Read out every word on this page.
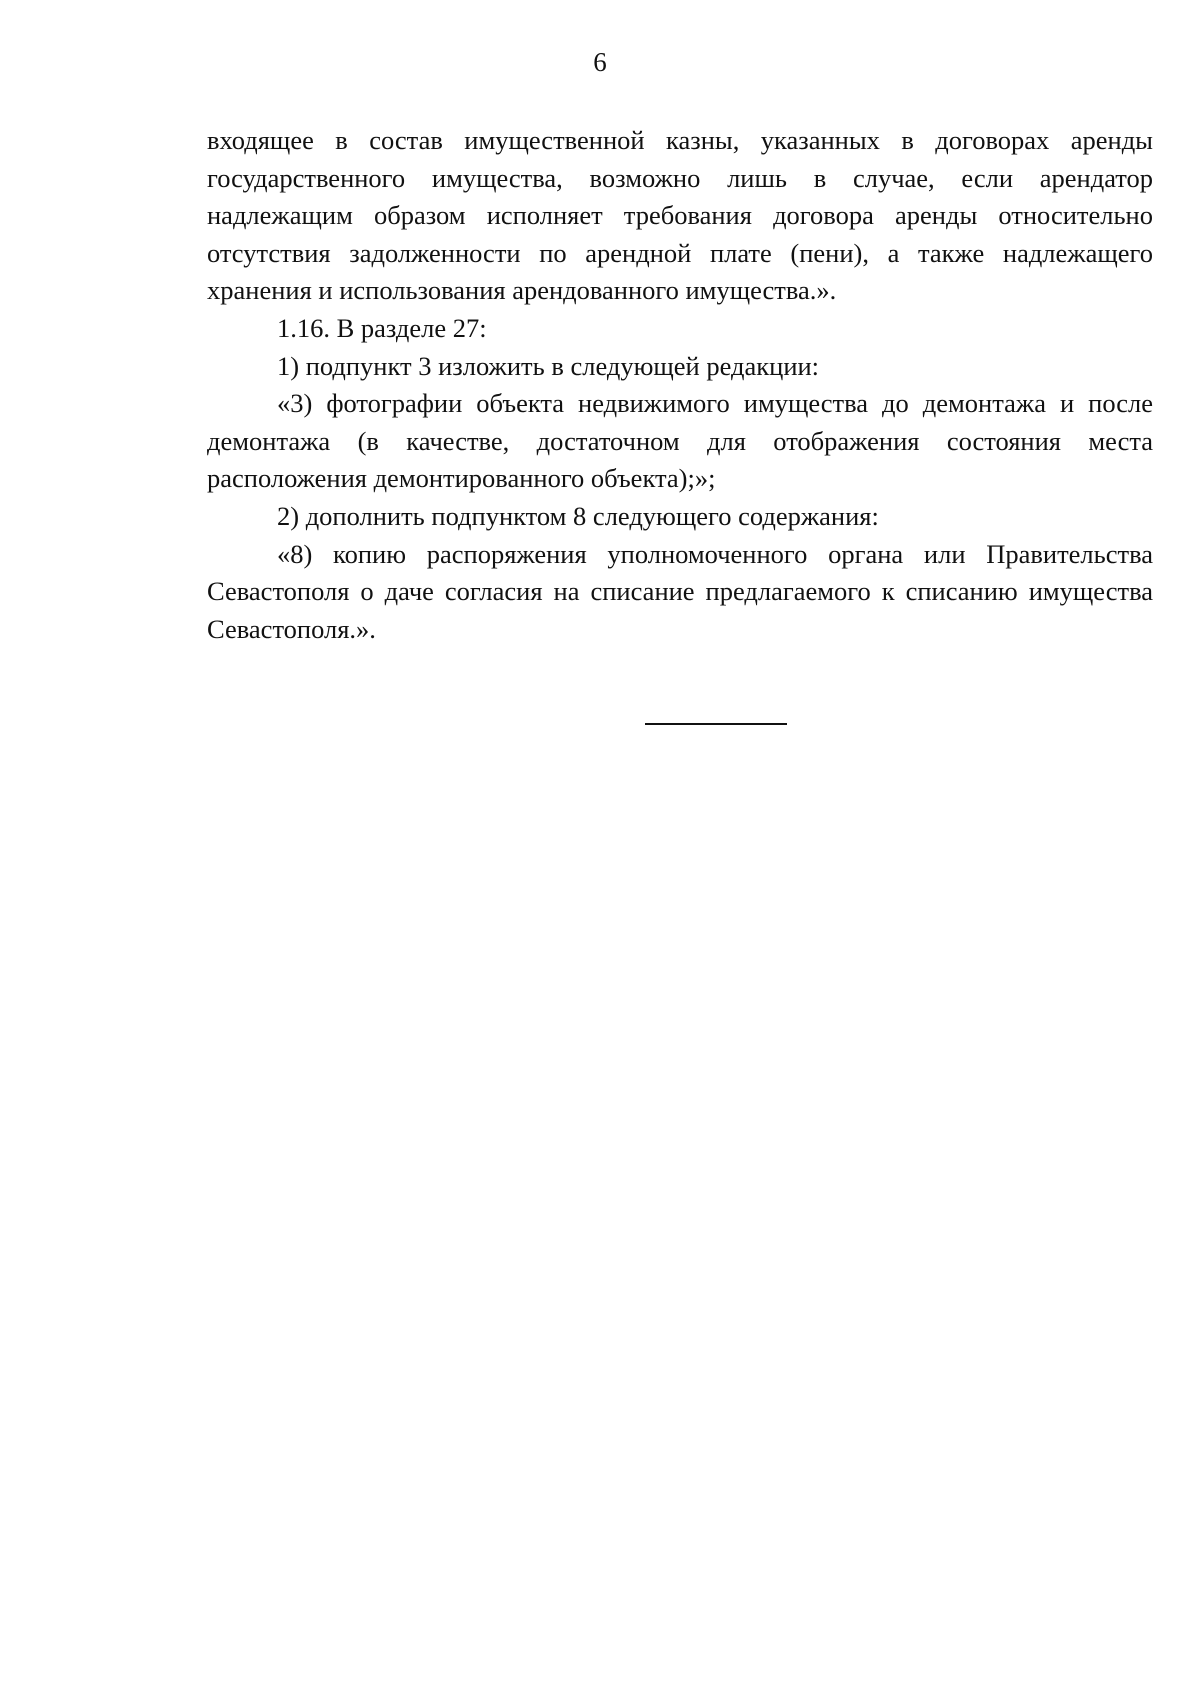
6

входящее в состав имущественной казны, указанных в договорах аренды государственного имущества, возможно лишь в случае, если арендатор надлежащим образом исполняет требования договора аренды относительно отсутствия задолженности по арендной плате (пени), а также надлежащего хранения и использования арендованного имущества.».

1.16. В разделе 27:

1) подпункт 3 изложить в следующей редакции:

«3) фотографии объекта недвижимого имущества до демонтажа и после демонтажа (в качестве, достаточном для отображения состояния места расположения демонтированного объекта);»;

2) дополнить подпунктом 8 следующего содержания:

«8) копию распоряжения уполномоченного органа или Правительства Севастополя о даче согласия на списание предлагаемого к списанию имущества Севастополя.».
